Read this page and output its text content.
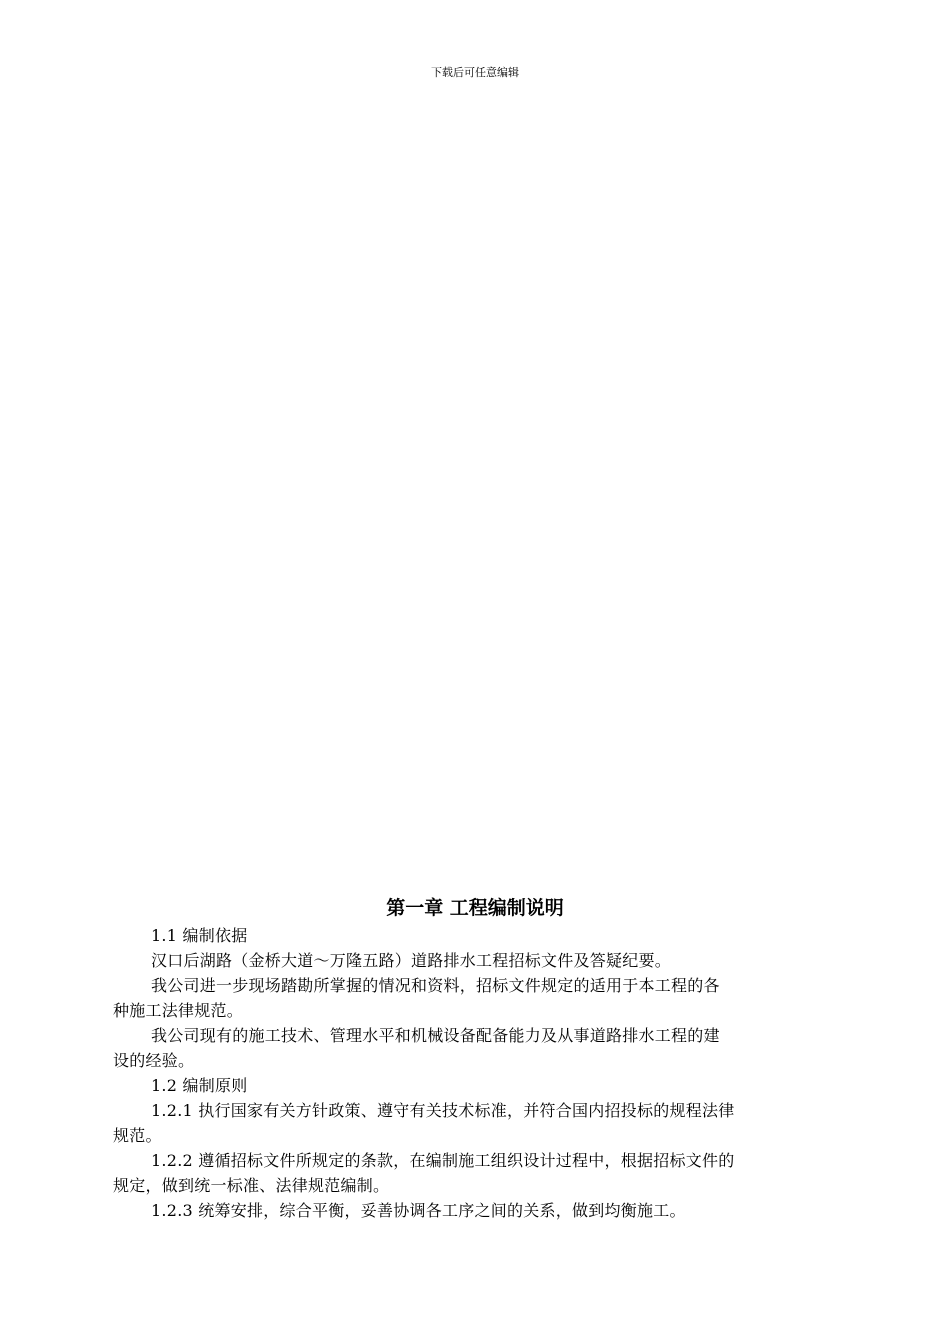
下载后可任意编辑
第一章 工程编制说明

1.1 编制依据

汉口后湖路（金桥大道～万隆五路）道路排水工程招标文件及答疑纪要。

我公司进一步现场踏勘所掌握的情况和资料，招标文件规定的适用于本工程的各
种施工法律规范。

我公司现有的施工技术、管理水平和机械设备配备能力及从事道路排水工程的建
设的经验。

1.2 编制原则

1.2.1 执行国家有关方针政策、遵守有关技术标准，并符合国内招投标的规程法律
规范。

1.2.2 遵循招标文件所规定的条款，在编制施工组织设计过程中，根据招标文件的
规定，做到统一标准、法律规范编制。

1.2.3 统筹安排，综合平衡，妥善协调各工序之间的关系，做到均衡施工。
